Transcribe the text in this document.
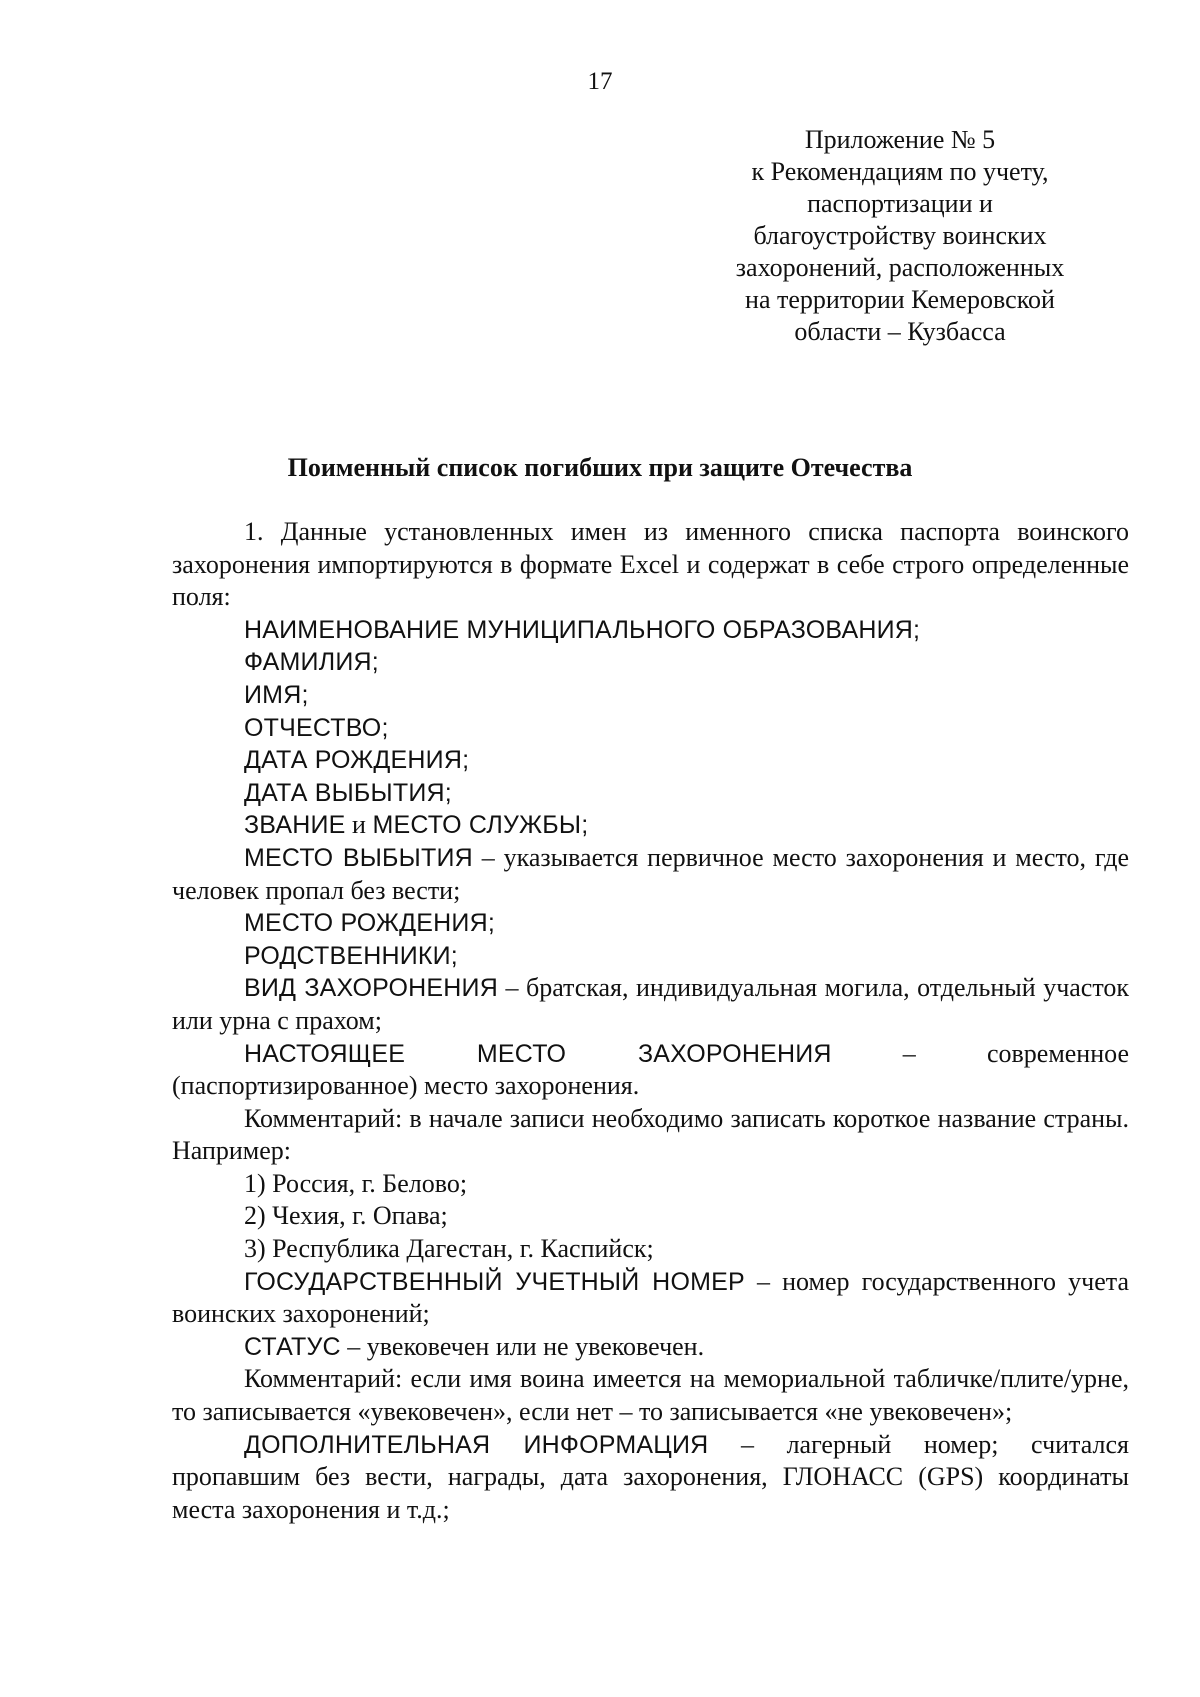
17
Приложение № 5
к Рекомендациям по учету,
паспортизации и
благоустройству воинских
захоронений, расположенных
на территории Кемеровской
области – Кузбасса
Поименный список погибших при защите Отечества

1. Данные установленных имен из именного списка паспорта воинского захоронения импортируются в формате Excel и содержат в себе строго определенные поля:

НАИМЕНОВАНИЕ МУНИЦИПАЛЬНОГО ОБРАЗОВАНИЯ;

ФАМИЛИЯ;

ИМЯ;

ОТЧЕСТВО;

ДАТА РОЖДЕНИЯ;

ДАТА ВЫБЫТИЯ;

ЗВАНИЕ и МЕСТО СЛУЖБЫ;

МЕСТО ВЫБЫТИЯ – указывается первичное место захоронения и место, где человек пропал без вести;

МЕСТО РОЖДЕНИЯ;

РОДСТВЕННИКИ;

ВИД ЗАХОРОНЕНИЯ – братская, индивидуальная могила, отдельный участок или урна с прахом;

НАСТОЯЩЕЕ МЕСТО ЗАХОРОНЕНИЯ – современное

(паспортизированное) место захоронения.

Комментарий: в начале записи необходимо записать короткое название страны. Например:

1) Россия, г. Белово;

2) Чехия, г. Опава;

3) Республика Дагестан, г. Каспийск;

ГОСУДАРСТВЕННЫЙ УЧЕТНЫЙ НОМЕР – номер государственного учета воинских захоронений;

СТАТУС – увековечен или не увековечен.

Комментарий: если имя воина имеется на мемориальной табличке/плите/урне, то записывается «увековечен», если нет – то записывается «не увековечен»;

ДОПОЛНИТЕЛЬНАЯ ИНФОРМАЦИЯ – лагерный номер; считался пропавшим без вести, награды, дата захоронения, ГЛОНАСС (GPS) координаты места захоронения и т.д.;
